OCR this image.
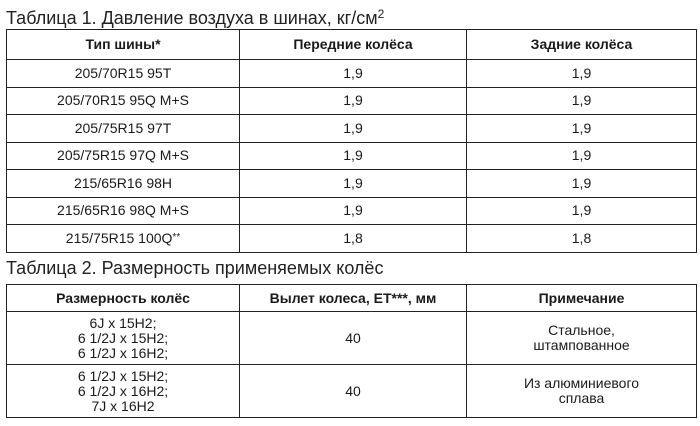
Таблица 1. Давление воздуха в шинах, $кг/см^2$
Тип шины*	Передние колёса	Задние колёса
205/70R15 95T	1,9	1,9
205/70R15 95Q M+S	1,9	1,9
205/75R15 97T	1,9	1,9
205/75R15 97Q M+S	1,9	1,9
215/65R16 98H	1,9	1,9
215/65R16 98Q M+S	1,9	1,9
215/75R15 100Q**	1,8	1,8
Таблица 2. Размерность применяемых колёс
Размерность колёс	Вылет колеса, ЕТ***, мм	Примечание

6J x 15H2;
6 1/2J x 15H2;
6 1/2J x 16H2;	40	Стальное,
штампованное

6 1/2J x 15H2;
6 1/2J x 16H2;
7J x 16H2	40	Из алюминиевого
сплава
